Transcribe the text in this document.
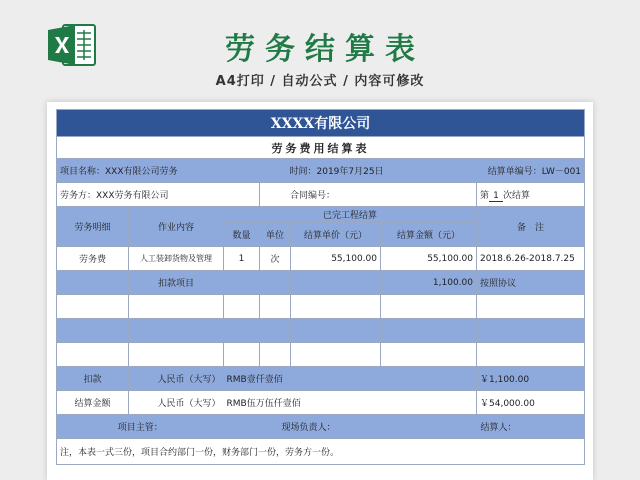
劳务结算表
A4打印 / 自动公式 / 内容可修改
XXXX有限公司						
劳务费用结算表						
项目名称：XXX有限公司劳务		时间：2019年7月25日				结算单编号：LW－001
劳务方：XXX劳务有限公司			合同编号：			第 1 次结算
劳务明细	作业内容	已完工程结算				备　注
		数量	单位	结算单价（元）	结算金额（元）	
劳务费	人工装卸货物及管理	1	次	55,100.00	55,100.00	2018.6.26-2018.7.25
	扣款项目				1,100.00	按照协议

扣款	人民币（大写）	RMB壹仟壹佰				￥1,100.00
结算金额	人民币（大写）	RMB伍万伍仟壹佰				￥54,000.00
项目主管：		现场负责人：				结算人：
注，本表一式三份，项目合约部门一份，财务部门一份，劳务方一份。						
